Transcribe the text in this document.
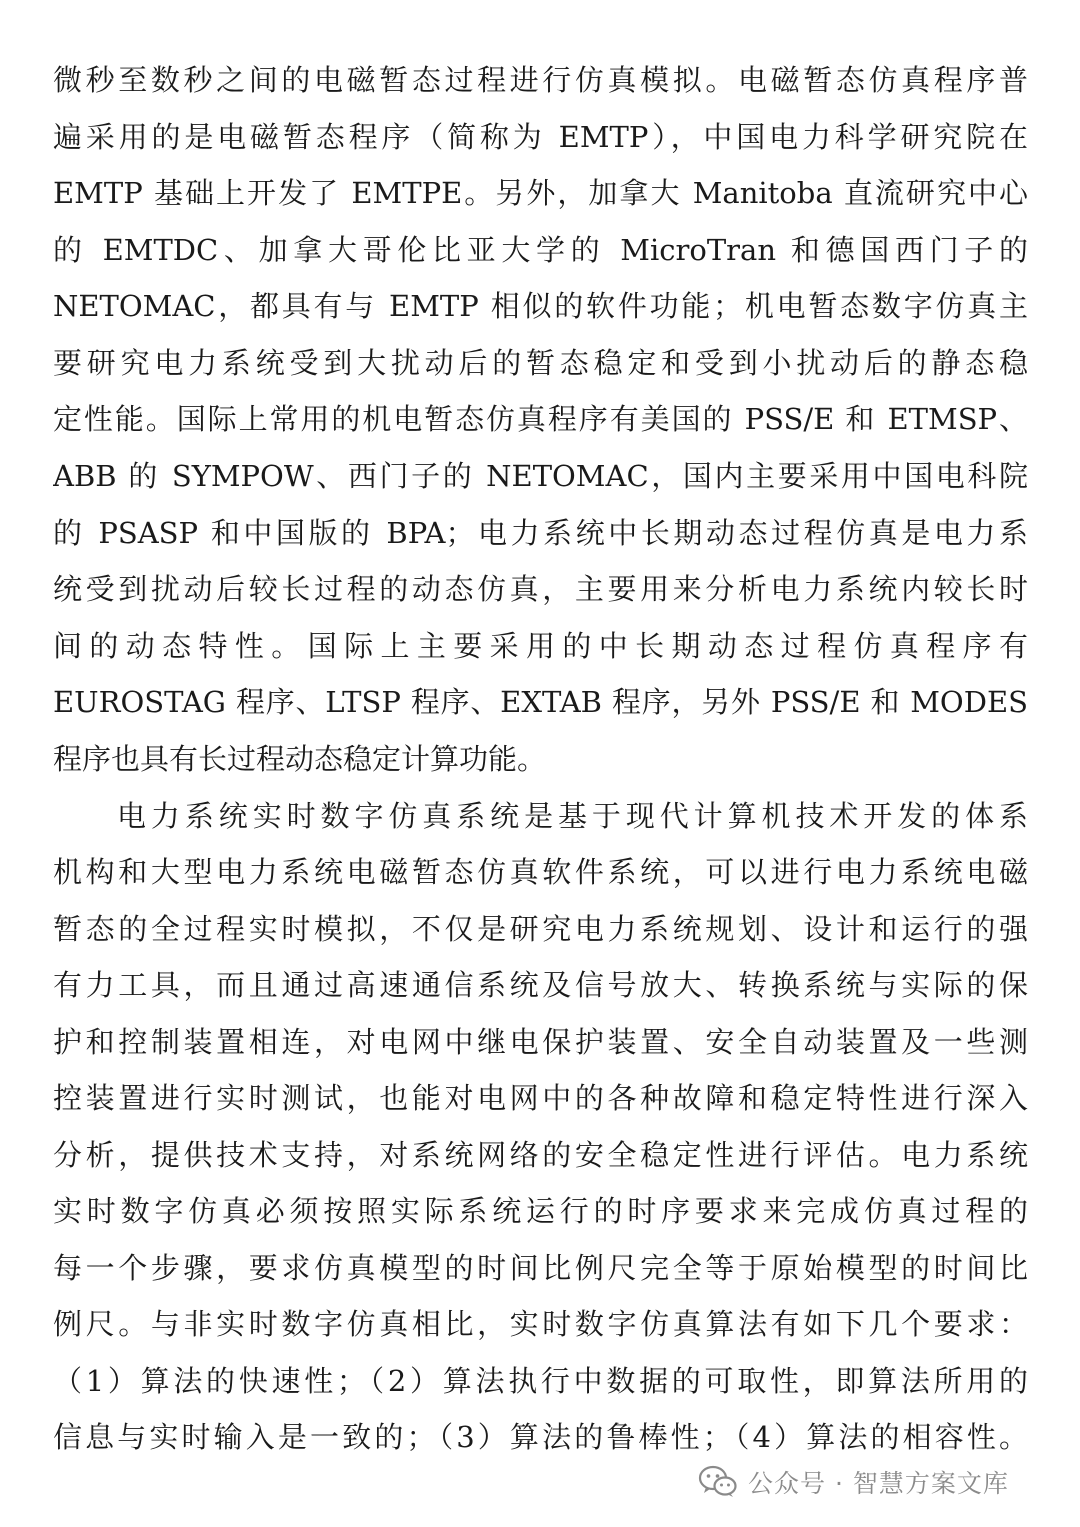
微秒至数秒之间的电磁暂态过程进行仿真模拟。电磁暂态仿真程序普
遍采用的是电磁暂态程序（简称为 EMTP），中国电力科学研究院在
EMTP 基础上开发了 EMTPE。另外，加拿大 Manitoba 直流研究中心
的 EMTDC、加拿大哥伦比亚大学的 MicroTran 和德国西门子的
NETOMAC，都具有与 EMTP 相似的软件功能；机电暂态数字仿真主
要研究电力系统受到大扰动后的暂态稳定和受到小扰动后的静态稳
定性能。国际上常用的机电暂态仿真程序有美国的 PSS/E 和 ETMSP、
ABB 的 SYMPOW、西门子的 NETOMAC，国内主要采用中国电科院
的 PSASP 和中国版的 BPA；电力系统中长期动态过程仿真是电力系
统受到扰动后较长过程的动态仿真，主要用来分析电力系统内较长时
间的动态特性。国际上主要采用的中长期动态过程仿真程序有
EUROSTAG 程序、LTSP 程序、EXTAB 程序，另外 PSS/E 和 MODES
程序也具有长过程动态稳定计算功能。
电力系统实时数字仿真系统是基于现代计算机技术开发的体系
机构和大型电力系统电磁暂态仿真软件系统，可以进行电力系统电磁
暂态的全过程实时模拟，不仅是研究电力系统规划、设计和运行的强
有力工具，而且通过高速通信系统及信号放大、转换系统与实际的保
护和控制装置相连，对电网中继电保护装置、安全自动装置及一些测
控装置进行实时测试，也能对电网中的各种故障和稳定特性进行深入
分析，提供技术支持，对系统网络的安全稳定性进行评估。电力系统
实时数字仿真必须按照实际系统运行的时序要求来完成仿真过程的
每一个步骤，要求仿真模型的时间比例尺完全等于原始模型的时间比
例尺。与非实时数字仿真相比，实时数字仿真算法有如下几个要求：
（1）算法的快速性；（2）算法执行中数据的可取性，即算法所用的
信息与实时输入是一致的；（3）算法的鲁棒性；（4）算法的相容性。
公众号 · 智慧方案文库
